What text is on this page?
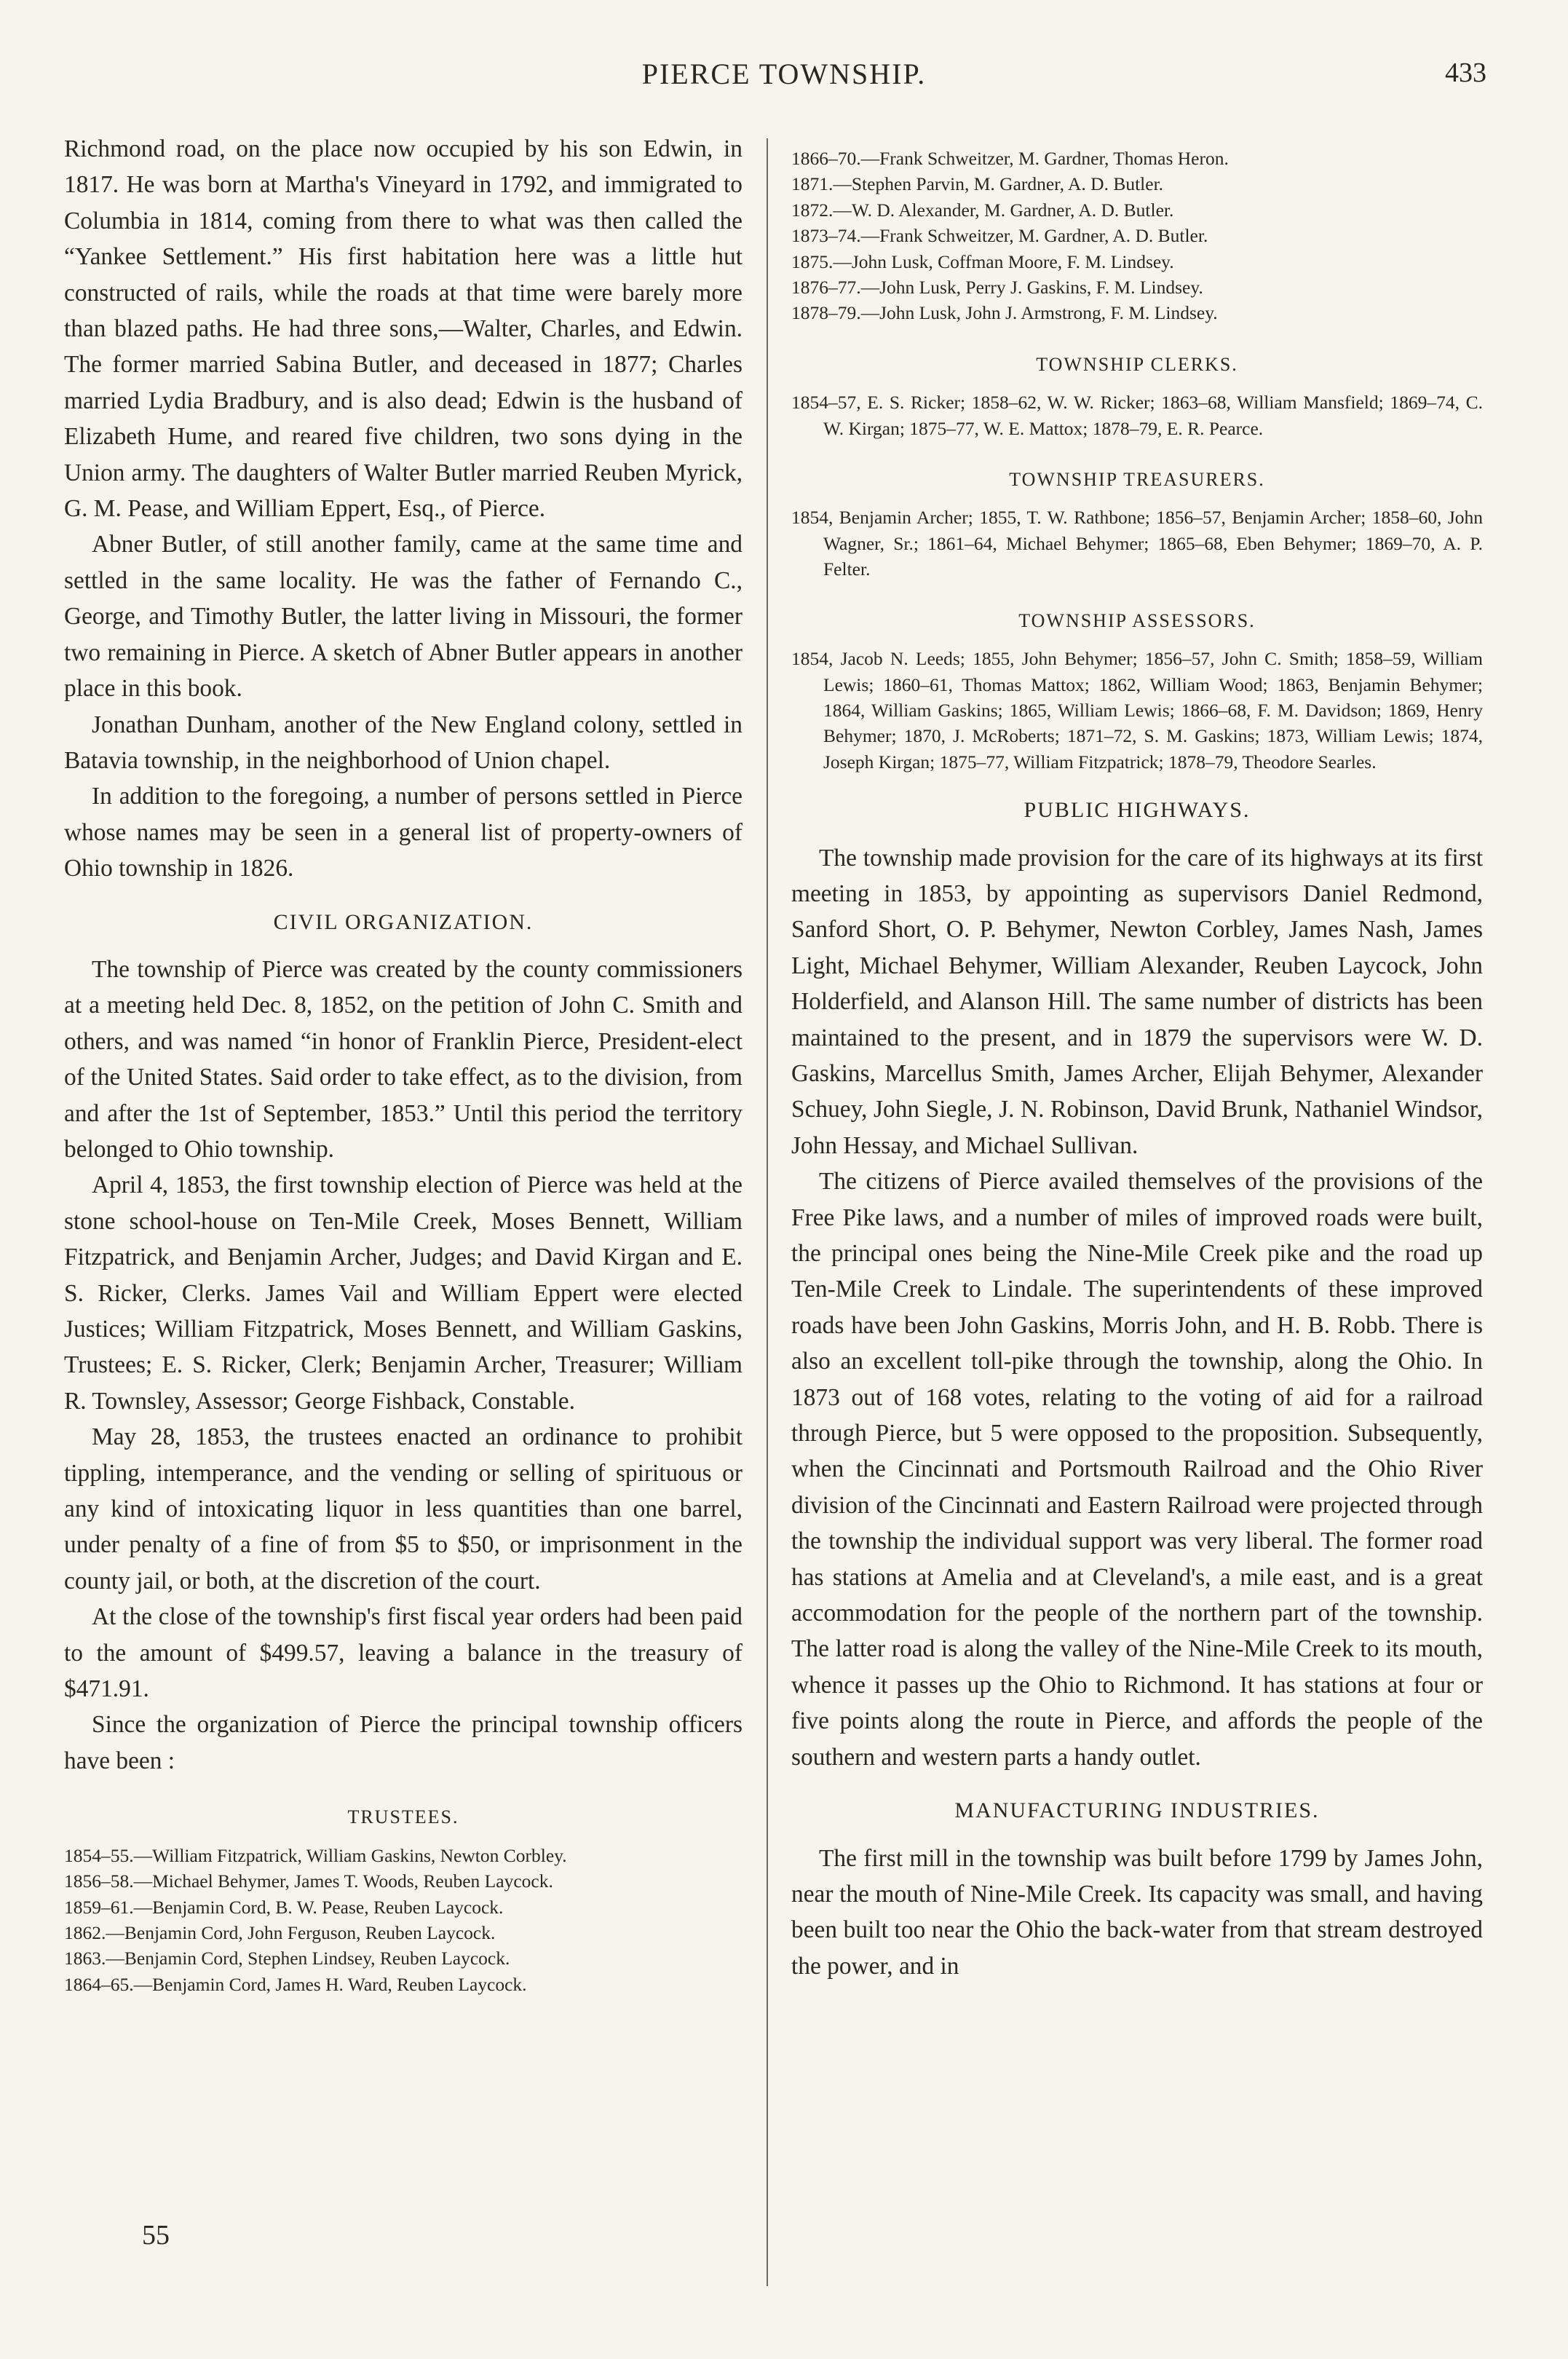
PIERCE TOWNSHIP.	433

Richmond road, on the place now occupied by his son Edwin, in 1817. He was born at Martha's Vineyard in 1792, and immigrated to Columbia in 1814, coming from there to what was then called the “Yankee Settlement.” His first habitation here was a little hut constructed of rails, while the roads at that time were barely more than blazed paths. He had three sons,—Walter, Charles, and Edwin. The former married Sabina Butler, and deceased in 1877; Charles married Lydia Bradbury, and is also dead; Edwin is the husband of Elizabeth Hume, and reared five children, two sons dying in the Union army. The daughters of Walter Butler married Reuben Myrick, G. M. Pease, and William Eppert, Esq., of Pierce.

Abner Butler, of still another family, came at the same time and settled in the same locality. He was the father of Fernando C., George, and Timothy Butler, the latter living in Missouri, the former two remaining in Pierce. A sketch of Abner Butler appears in another place in this book.

Jonathan Dunham, another of the New England colony, settled in Batavia township, in the neighborhood of Union chapel.

In addition to the foregoing, a number of persons settled in Pierce whose names may be seen in a general list of property-owners of Ohio township in 1826.

CIVIL ORGANIZATION.

The township of Pierce was created by the county commissioners at a meeting held Dec. 8, 1852, on the petition of John C. Smith and others, and was named “in honor of Franklin Pierce, President-elect of the United States. Said order to take effect, as to the division, from and after the 1st of September, 1853.” Until this period the territory belonged to Ohio township.

April 4, 1853, the first township election of Pierce was held at the stone school-house on Ten-Mile Creek, Moses Bennett, William Fitzpatrick, and Benjamin Archer, Judges; and David Kirgan and E. S. Ricker, Clerks. James Vail and William Eppert were elected Justices; William Fitzpatrick, Moses Bennett, and William Gaskins, Trustees; E. S. Ricker, Clerk; Benjamin Archer, Treasurer; William R. Townsley, Assessor; George Fishback, Constable.

May 28, 1853, the trustees enacted an ordinance to prohibit tippling, intemperance, and the vending or selling of spirituous or any kind of intoxicating liquor in less quantities than one barrel, under penalty of a fine of from $5 to $50, or imprisonment in the county jail, or both, at the discretion of the court.

At the close of the township's first fiscal year orders had been paid to the amount of $499.57, leaving a balance in the treasury of $471.91.

Since the organization of Pierce the principal township officers have been :

TRUSTEES.

1854–55.—William Fitzpatrick, William Gaskins, Newton Corbley.

1856–58.—Michael Behymer, James T. Woods, Reuben Laycock.

1859–61.—Benjamin Cord, B. W. Pease, Reuben Laycock.

1862.—Benjamin Cord, John Ferguson, Reuben Laycock.

1863.—Benjamin Cord, Stephen Lindsey, Reuben Laycock.

1864–65.—Benjamin Cord, James H. Ward, Reuben Laycock.

55

1866–70.—Frank Schweitzer, M. Gardner, Thomas Heron.

1871.—Stephen Parvin, M. Gardner, A. D. Butler.

1872.—W. D. Alexander, M. Gardner, A. D. Butler.

1873–74.—Frank Schweitzer, M. Gardner, A. D. Butler.

1875.—John Lusk, Coffman Moore, F. M. Lindsey.

1876–77.—John Lusk, Perry J. Gaskins, F. M. Lindsey.

1878–79.—John Lusk, John J. Armstrong, F. M. Lindsey.

TOWNSHIP CLERKS.

1854–57, E. S. Ricker; 1858–62, W. W. Ricker; 1863–68, William Mansfield; 1869–74, C. W. Kirgan; 1875–77, W. E. Mattox; 1878–79, E. R. Pearce.

TOWNSHIP TREASURERS.

1854, Benjamin Archer; 1855, T. W. Rathbone; 1856–57, Benjamin Archer; 1858–60, John Wagner, Sr.; 1861–64, Michael Behymer; 1865–68, Eben Behymer; 1869–70, A. P. Felter.

TOWNSHIP ASSESSORS.

1854, Jacob N. Leeds; 1855, John Behymer; 1856–57, John C. Smith; 1858–59, William Lewis; 1860–61, Thomas Mattox; 1862, William Wood; 1863, Benjamin Behymer; 1864, William Gaskins; 1865, William Lewis; 1866–68, F. M. Davidson; 1869, Henry Behymer; 1870, J. McRoberts; 1871–72, S. M. Gaskins; 1873, William Lewis; 1874, Joseph Kirgan; 1875–77, William Fitzpatrick; 1878–79, Theodore Searles.

PUBLIC HIGHWAYS.

The township made provision for the care of its highways at its first meeting in 1853, by appointing as supervisors Daniel Redmond, Sanford Short, O. P. Behymer, Newton Corbley, James Nash, James Light, Michael Behymer, William Alexander, Reuben Laycock, John Holderfield, and Alanson Hill. The same number of districts has been maintained to the present, and in 1879 the supervisors were W. D. Gaskins, Marcellus Smith, James Archer, Elijah Behymer, Alexander Schuey, John Siegle, J. N. Robinson, David Brunk, Nathaniel Windsor, John Hessay, and Michael Sullivan.

The citizens of Pierce availed themselves of the provisions of the Free Pike laws, and a number of miles of improved roads were built, the principal ones being the Nine-Mile Creek pike and the road up Ten-Mile Creek to Lindale. The superintendents of these improved roads have been John Gaskins, Morris John, and H. B. Robb. There is also an excellent toll-pike through the township, along the Ohio. In 1873 out of 168 votes, relating to the voting of aid for a railroad through Pierce, but 5 were opposed to the proposition. Subsequently, when the Cincinnati and Portsmouth Railroad and the Ohio River division of the Cincinnati and Eastern Railroad were projected through the township the individual support was very liberal. The former road has stations at Amelia and at Cleveland's, a mile east, and is a great accommodation for the people of the northern part of the township. The latter road is along the valley of the Nine-Mile Creek to its mouth, whence it passes up the Ohio to Richmond. It has stations at four or five points along the route in Pierce, and affords the people of the southern and western parts a handy outlet.

MANUFACTURING INDUSTRIES.

The first mill in the township was built before 1799 by James John, near the mouth of Nine-Mile Creek. Its capacity was small, and having been built too near the Ohio the back-water from that stream destroyed the power, and in
